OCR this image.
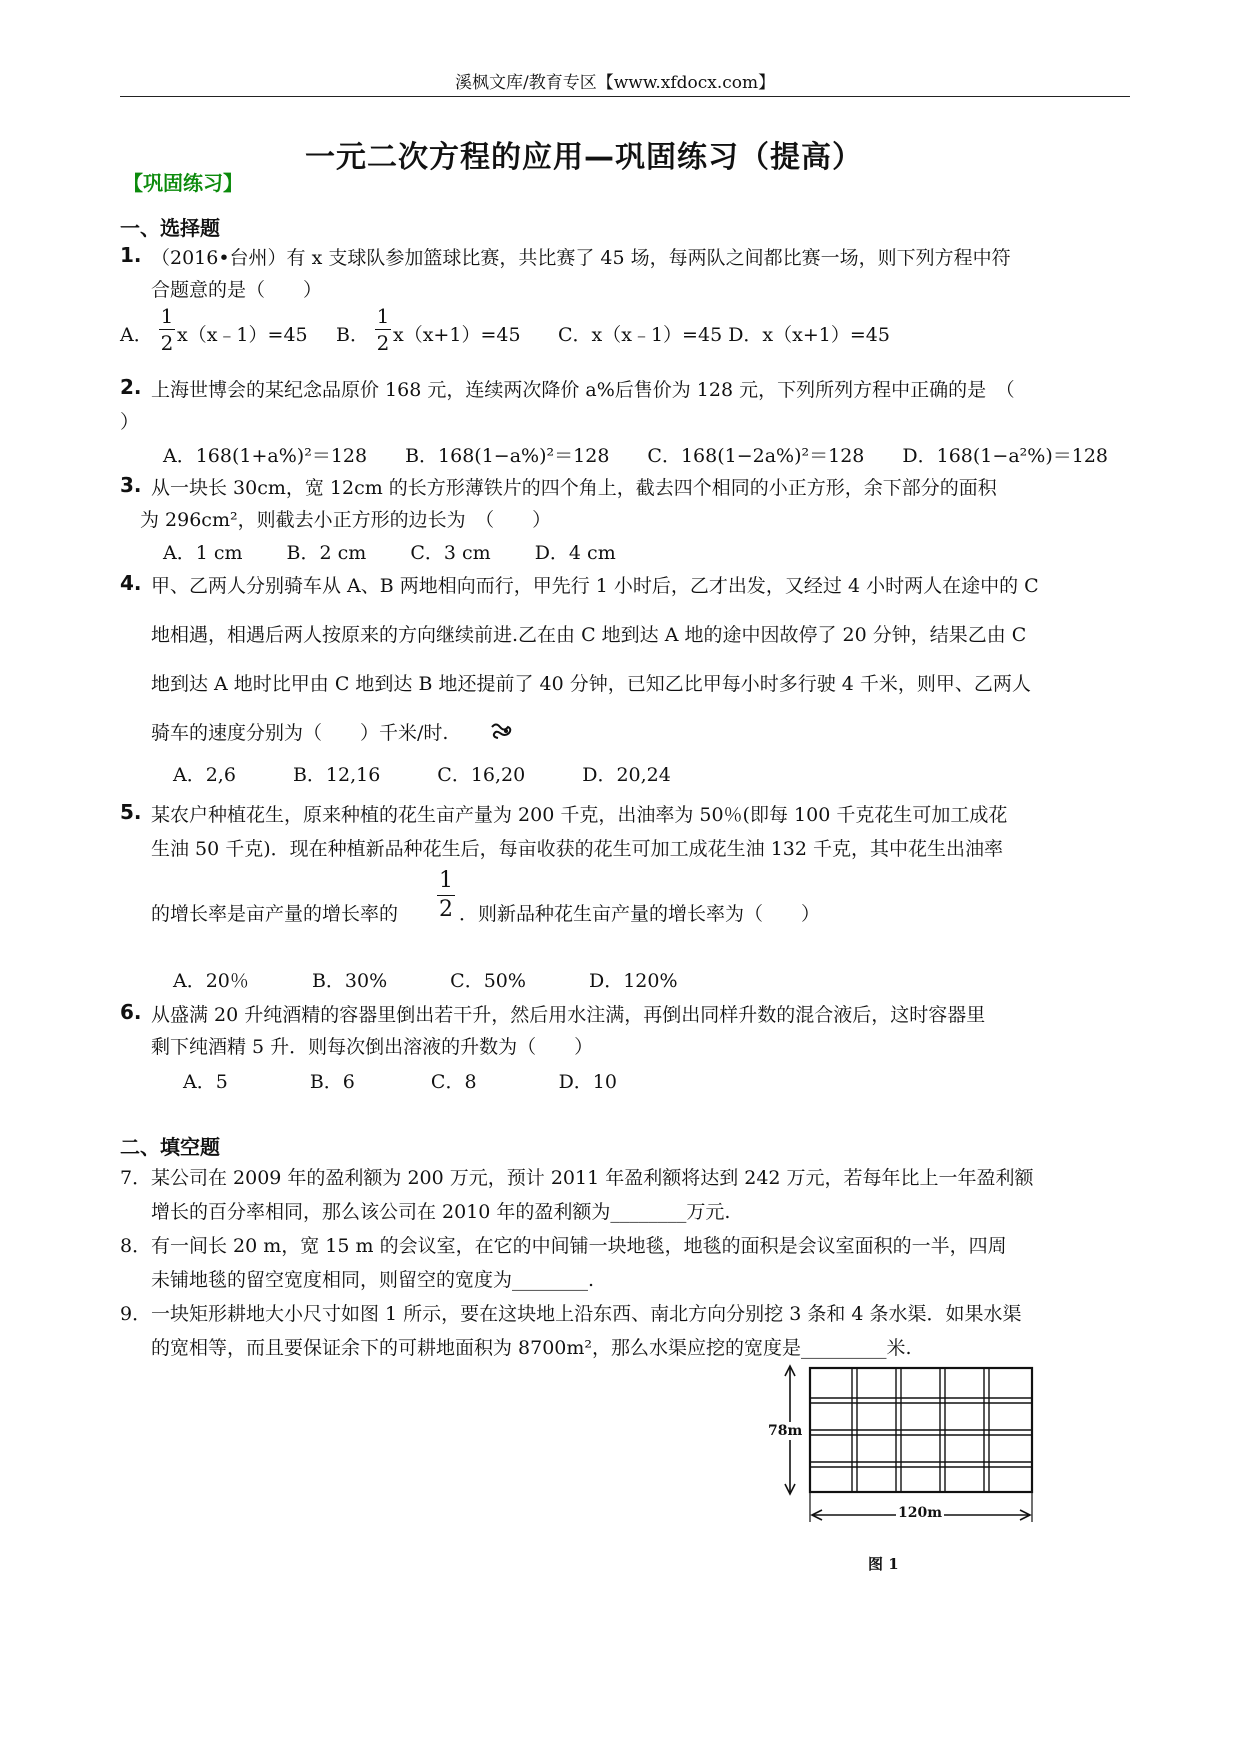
溪枫文库/教育专区【www.xfdocx.com】
一元二次方程的应用—巩固练习（提高）
【巩固练习】
一、选择题
1. （2016•台州）有 x 支球队参加篮球比赛，共比赛了 45 场，每两队之间都比赛一场，则下列方程中符
合题意的是（　　）
A．
1
2 x（x﹣1）=45 B．
1
2 x（x+1）=45 C．x（x﹣1）=45 D．x（x+1）=45
2. 上海世博会的某纪念品原价 168 元，连续两次降价 a%后售价为 128 元，下列所列方程中正确的是　（
）
A．168(1+a%)²＝128　　B．168(1−a%)²＝128　　C．168(1−2a%)²＝128　　D．168(1−a²%)＝128
3. 从一块长 30cm，宽 12cm 的长方形薄铁片的四个角上，截去四个相同的小正方形，余下部分的面积
为 296cm²，则截去小正方形的边长为　（　　）
A．1 cm　　 B．2 cm　　 C．3 cm　　 D．4 cm
4. 甲、乙两人分别骑车从 A、B 两地相向而行，甲先行 1 小时后，乙才出发，又经过 4 小时两人在途中的 C
地相遇，相遇后两人按原来的方向继续前进.乙在由 C 地到达 A 地的途中因故停了 20 分钟，结果乙由 C
地到达 A 地时比甲由 C 地到达 B 地还提前了 40 分钟，已知乙比甲每小时多行驶 4 千米，则甲、乙两人
骑车的速度分别为（　　）千米/时.
A．2,6　　　B．12,16　　　C．16,20　　　D．20,24
5. 某农户种植花生，原来种植的花生亩产量为 200 千克，出油率为 50％(即每 100 千克花生可加工成花
生油 50 千克)．现在种植新品种花生后，每亩收获的花生可加工成花生油 132 千克，其中花生出油率
的增长率是亩产量的增长率的
1
2 ．则新品种花生亩产量的增长率为（　　）
A．20％　　　 B．30%　　　 C．50%　　　 D．120%
6. 从盛满 20 升纯酒精的容器里倒出若干升，然后用水注满，再倒出同样升数的混合液后，这时容器里
剩下纯酒精 5 升．则每次倒出溶液的升数为（　　）
A．5　　　　 B．6　　　　C．8　　　　 D．10
二、填空题
7． 某公司在 2009 年的盈利额为 200 万元，预计 2011 年盈利额将达到 242 万元，若每年比上一年盈利额
增长的百分率相同，那么该公司在 2010 年的盈利额为________万元.
8． 有一间长 20 m，宽 15 m 的会议室，在它的中间铺一块地毯，地毯的面积是会议室面积的一半，四周
未铺地毯的留空宽度相同，则留空的宽度为________.
9． 一块矩形耕地大小尺寸如图 1 所示，要在这块地上沿东西、南北方向分别挖 3 条和 4 条水渠．如果水渠
的宽相等，而且要保证余下的可耕地面积为 8700m²，那么水渠应挖的宽度是_________米.
78m
120m
图 1
